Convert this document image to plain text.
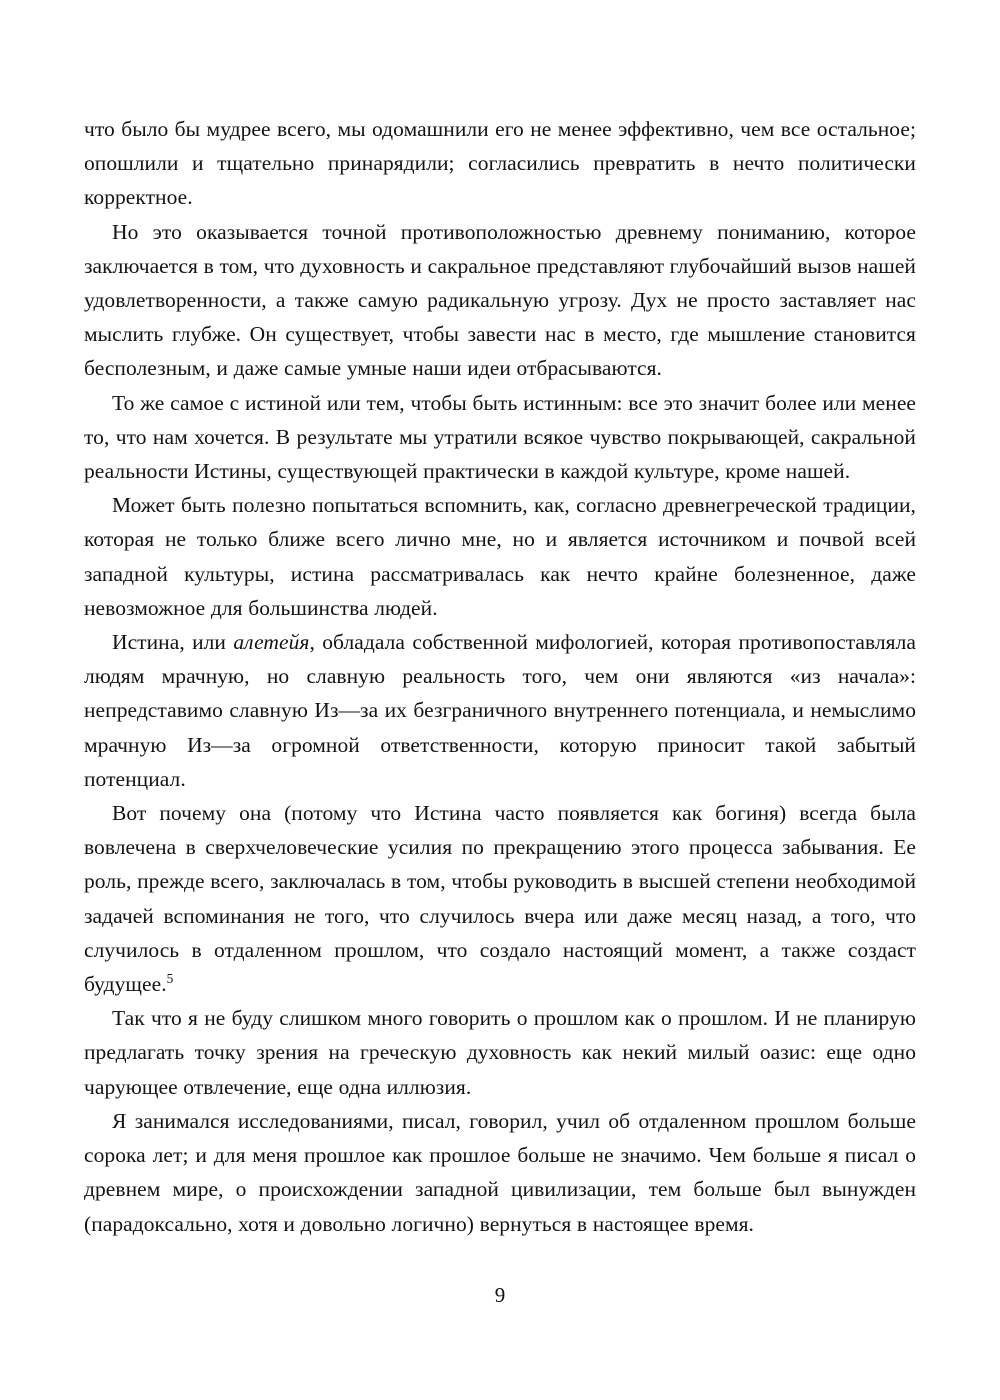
что было бы мудрее всего, мы одомашнили его не менее эффективно, чем все остальное; опошлили и тщательно принарядили; согласились превратить в нечто политически корректное.

Но это оказывается точной противоположностью древнему пониманию, которое заключается в том, что духовность и сакральное представляют глубочайший вызов нашей удовлетворенности, а также самую радикальную угрозу. Дух не просто заставляет нас мыслить глубже. Он существует, чтобы завести нас в место, где мышление становится бесполезным, и даже самые умные наши идеи отбрасываются.

То же самое с истиной или тем, чтобы быть истинным: все это значит более или менее то, что нам хочется. В результате мы утратили всякое чувство покрывающей, сакральной реальности Истины, существующей практически в каждой культуре, кроме нашей.

Может быть полезно попытаться вспомнить, как, согласно древнегреческой традиции, которая не только ближе всего лично мне, но и является источником и почвой всей западной культуры, истина рассматривалась как нечто крайне болезненное, даже невозможное для большинства людей.

Истина, или алетейя, обладала собственной мифологией, которая противопоставляла людям мрачную, но славную реальность того, чем они являются «из начала»: непредставимо славную Из—за их безграничного внутреннего потенциала, и немыслимо мрачную Из—за огромной ответственности, которую приносит такой забытый потенциал.

Вот почему она (потому что Истина часто появляется как богиня) всегда была вовлечена в сверхчеловеческие усилия по прекращению этого процесса забывания. Ее роль, прежде всего, заключалась в том, чтобы руководить в высшей степени необходимой задачей вспоминания не того, что случилось вчера или даже месяц назад, а того, что случилось в отдаленном прошлом, что создало настоящий момент, а также создаст будущее.$^5$

Так что я не буду слишком много говорить о прошлом как о прошлом. И не планирую предлагать точку зрения на греческую духовность как некий милый оазис: еще одно чарующее отвлечение, еще одна иллюзия.

Я занимался исследованиями, писал, говорил, учил об отдаленном прошлом больше сорока лет; и для меня прошлое как прошлое больше не значимо. Чем больше я писал о древнем мире, о происхождении западной цивилизации, тем больше был вынужден (парадоксально, хотя и довольно логично) вернуться в настоящее время.

9
